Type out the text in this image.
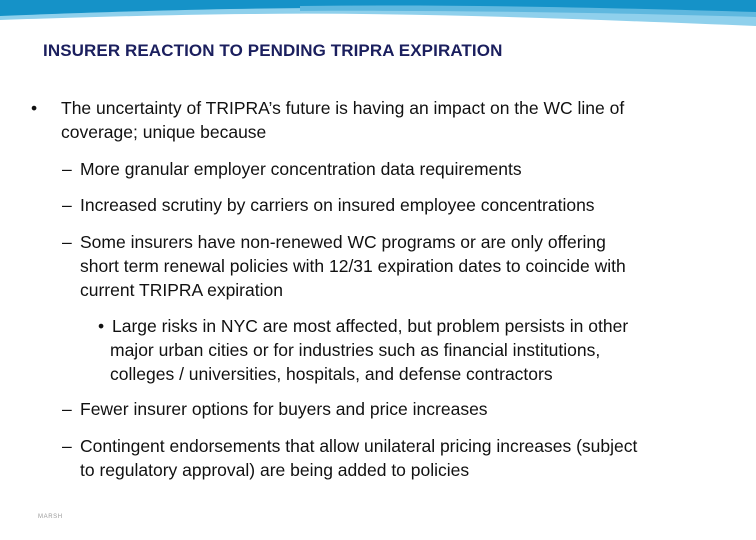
INSURER REACTION TO PENDING TRIPRA EXPIRATION
• The uncertainty of TRIPRA’s future is having an impact on the WC line of
coverage; unique because
– More granular employer concentration data requirements
– Increased scrutiny by carriers on insured employee concentrations
– Some insurers have non-renewed WC programs or are only offering
short term renewal policies with 12/31 expiration dates to coincide with
current TRIPRA expiration
• Large risks in NYC are most affected, but problem persists in other
major urban cities or for industries such as financial institutions,
colleges / universities, hospitals, and defense contractors
– Fewer insurer options for buyers and price increases
– Contingent endorsements that allow unilateral pricing increases (subject
to regulatory approval) are being added to policies
MARSH
